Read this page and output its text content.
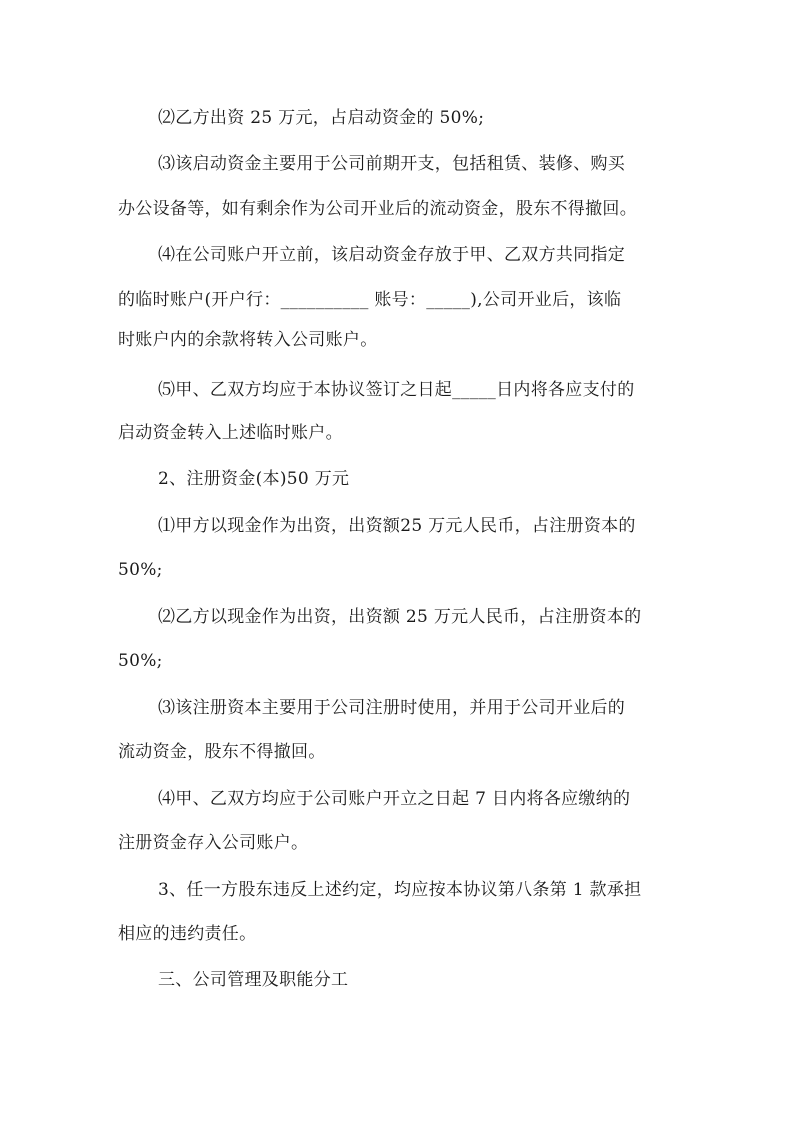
⑵乙方出资 25 万元，占启动资金的 50%;
⑶该启动资金主要用于公司前期开支，包括租赁、装修、购买
办公设备等，如有剩余作为公司开业后的流动资金，股东不得撤回。
⑷在公司账户开立前，该启动资金存放于甲、乙双方共同指定
的临时账户(开户行：__________ 账号：_____),公司开业后，该临
时账户内的余款将转入公司账户。
⑸甲、乙双方均应于本协议签订之日起_____日内将各应支付的
启动资金转入上述临时账户。
2、注册资金(本)50 万元
⑴甲方以现金作为出资，出资额25 万元人民币，占注册资本的
50%;
⑵乙方以现金作为出资，出资额 25 万元人民币，占注册资本的
50%;
⑶该注册资本主要用于公司注册时使用，并用于公司开业后的
流动资金，股东不得撤回。
⑷甲、乙双方均应于公司账户开立之日起 7 日内将各应缴纳的
注册资金存入公司账户。
3、任一方股东违反上述约定，均应按本协议第八条第 1 款承担
相应的违约责任。
三、公司管理及职能分工
